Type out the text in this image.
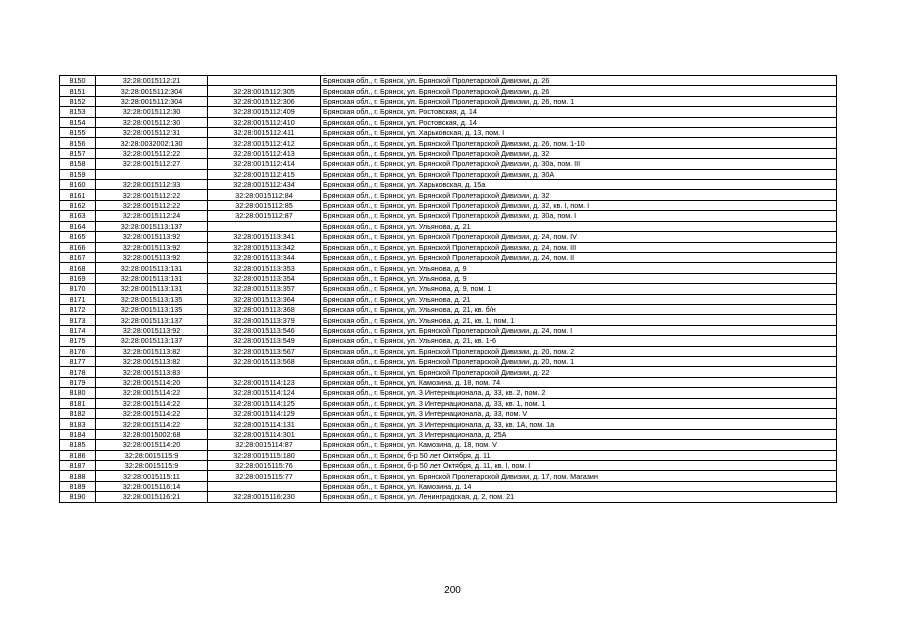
8150	32:28:0015112:21		Брянская обл., г. Брянск, ул. Брянской Пролетарской Дивизии, д. 26
8151	32:28:0015112:304	32:28:0015112:305	Брянская обл., г. Брянск, ул. Брянской Пролетарской Дивизии, д. 26
8152	32:28:0015112:304	32:28:0015112:306	Брянская обл., г. Брянск, ул. Брянской Пролетарской Дивизии, д. 26, пом. 1
8153	32:28:0015112:30	32:28:0015112:409	Брянская обл., г. Брянск, ул. Ростовская, д. 14
8154	32:28:0015112:30	32:28:0015112:410	Брянская обл., г. Брянск, ул. Ростовская, д. 14
8155	32:28:0015112:31	32:28:0015112:411	Брянская обл., г. Брянск, ул. Харьковская, д. 13, пом. I
8156	32:28:0032002:130	32:28:0015112:412	Брянская обл., г. Брянск, ул. Брянской Пролетарской Дивизии, д. 26, пом. 1-10
8157	32:28:0015112:22	32:28:0015112:413	Брянская обл., г. Брянск, ул. Брянской Пролетарской Дивизии, д. 32
8158	32:28:0015112:27	32:28:0015112:414	Брянская обл., г. Брянск, ул. Брянской Пролетарской Дивизии, д. 30а, пом. III
8159		32:28:0015112:415	Брянская обл., г. Брянск, ул. Брянской Пролетарской Дивизии, д. 30А
8160	32:28:0015112:33	32:28:0015112:434	Брянская обл., г. Брянск, ул. Харьковская, д. 15а
8161	32:28:0015112:22	32:28:0015112:84	Брянская обл., г. Брянск, ул. Брянской Пролетарской Дивизии, д. 32
8162	32:28:0015112:22	32:28:0015112:85	Брянская обл., г. Брянск, ул. Брянской Пролетарской Дивизии, д. 32, кв. I, пом. I
8163	32:28:0015112:24	32:28:0015112:87	Брянская обл., г. Брянск, ул. Брянской Пролетарской Дивизии, д. 30а, пом. I
8164	32:28:0015113:137		Брянская обл., г. Брянск, ул. Ульянова, д. 21
8165	32:28:0015113:92	32:28:0015113:341	Брянская обл., г. Брянск, ул. Брянской Пролетарской Дивизии, д. 24, пом. IV
8166	32:28:0015113:92	32:28:0015113:342	Брянская обл., г. Брянск, ул. Брянской Пролетарской Дивизии, д. 24, пом. III
8167	32:28:0015113:92	32:28:0015113:344	Брянская обл., г. Брянск, ул. Брянской Пролетарской Дивизии, д. 24, пом. II
8168	32:28:0015113:131	32:28:0015113:353	Брянская обл., г. Брянск, ул. Ульянова, д. 9
8169	32:28:0015113:131	32:28:0015113:354	Брянская обл., г. Брянск, ул. Ульянова, д. 9
8170	32:28:0015113:131	32:28:0015113:357	Брянская обл., г. Брянск, ул. Ульянова, д. 9, пом. 1
8171	32:28:0015113:135	32:28:0015113:364	Брянская обл., г. Брянск, ул. Ульянова, д. 21
8172	32:28:0015113:135	32:28:0015113:368	Брянская обл., г. Брянск, ул. Ульянова, д. 21, кв. б/н
8173	32:28:0015113:137	32:28:0015113:379	Брянская обл., г. Брянск, ул. Ульянова, д. 21, кв. 1, пом. 1
8174	32:28:0015113:92	32:28:0015113:546	Брянская обл., г. Брянск, ул. Брянской Пролетарской Дивизии, д. 24, пом. I
8175	32:28:0015113:137	32:28:0015113:549	Брянская обл., г. Брянск, ул. Ульянова, д. 21, кв. 1-6
8176	32:28:0015113:82	32:28:0015113:567	Брянская обл., г. Брянск, ул. Брянской Пролетарской Дивизии, д. 20, пом. 2
8177	32:28:0015113:82	32:28:0015113:568	Брянская обл., г. Брянск, ул. Брянской Пролетарской Дивизии, д. 20, пом. 1
8178	32:28:0015113:83		Брянская обл., г. Брянск, ул. Брянской Пролетарской Дивизии, д. 22
8179	32:28:0015114:20	32:28:0015114:123	Брянская обл., г. Брянск, ул. Камозина, д. 18, пом. 74
8180	32:28:0015114:22	32:28:0015114:124	Брянская обл., г. Брянск, ул. 3 Интернационала, д. 33, кв. 2, пом. 2
8181	32:28:0015114:22	32:28:0015114:125	Брянская обл., г. Брянск, ул. 3 Интернационала, д. 33, кв. 1, пом. 1
8182	32:28:0015114:22	32:28:0015114:129	Брянская обл., г. Брянск, ул. 3 Интернационала, д. 33, пом. V
8183	32:28:0015114:22	32:28:0015114:131	Брянская обл., г. Брянск, ул. 3 Интернационала, д. 33, кв. 1А, пом. 1а
8184	32:28:0015002:68	32:28:0015114:301	Брянская обл., г. Брянск, ул. 3 Интернационала, д. 25А
8185	32:28:0015114:20	32:28:0015114:87	Брянская обл., г. Брянск, ул. Камозина, д. 18, пом. V
8186	32:28:0015115:9	32:28:0015115:180	Брянская обл., г. Брянск, б-р 50 лет Октября, д. 11
8187	32:28:0015115:9	32:28:0015115:76	Брянская обл., г. Брянск, б-р 50 лет Октября, д. 11, кв. I, пом. I
8188	32:28:0015115:11	32:28:0015115:77	Брянская обл., г. Брянск, ул. Брянской Пролетарской Дивизии, д. 17, пом. Магазин
8189	32:28:0015116:14		Брянская обл., г. Брянск, ул. Камозина, д. 14
8190	32:28:0015116:21	32:28:0015116:230	Брянская обл., г. Брянск, ул. Ленинградская, д. 2, пом. 21
200
